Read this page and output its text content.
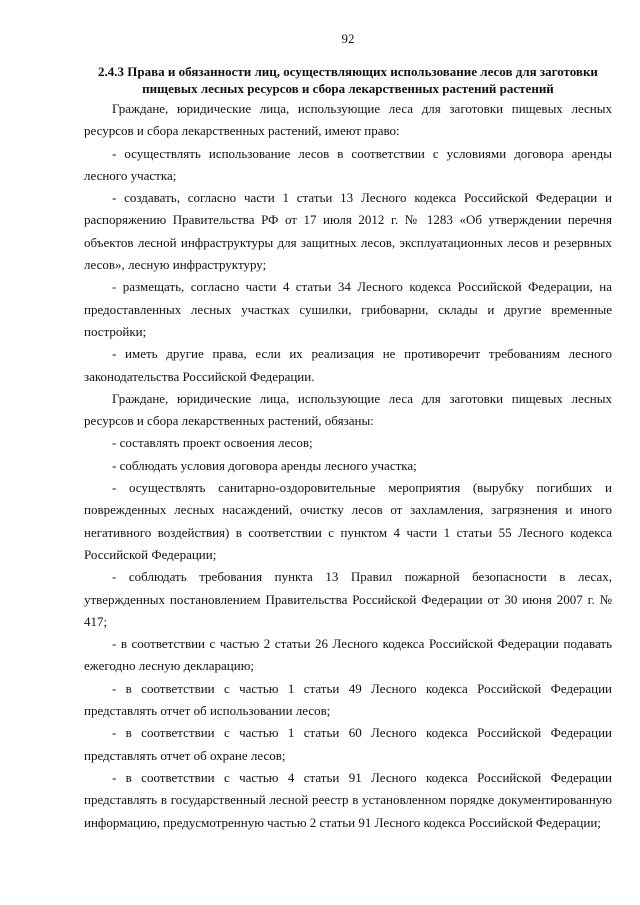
92
2.4.3 Права и обязанности лиц, осуществляющих использование лесов для заготовки
пищевых лесных ресурсов и сбора лекарственных растений растений

Граждане, юридические лица, использующие леса для заготовки пищевых лесных ресурсов и сбора лекарственных растений, имеют право:

- осуществлять использование лесов в соответствии с условиями договора аренды лесного участка;

- создавать, согласно части 1 статьи 13 Лесного кодекса Российской Федерации и распоряжению Правительства РФ от 17 июля 2012 г. № 1283 «Об утверждении перечня объектов лесной инфраструктуры для защитных лесов, эксплуатационных лесов и резервных лесов», лесную инфраструктуру;

- размещать, согласно части 4 статьи 34 Лесного кодекса Российской Федерации, на предоставленных лесных участках сушилки, грибоварни, склады и другие временные постройки;

- иметь другие права, если их реализация не противоречит требованиям лесного законодательства Российской Федерации.

Граждане, юридические лица, использующие леса для заготовки пищевых лесных ресурсов и сбора лекарственных растений, обязаны:

- составлять проект освоения лесов;

- соблюдать условия договора аренды лесного участка;

- осуществлять санитарно-оздоровительные мероприятия (вырубку погибших и поврежденных лесных насаждений, очистку лесов от захламления, загрязнения и иного негативного воздействия) в соответствии с пунктом 4 части 1 статьи 55 Лесного кодекса Российской Федерации;

- соблюдать требования пункта 13 Правил пожарной безопасности в лесах, утвержденных постановлением Правительства Российской Федерации от 30 июня 2007 г. № 417;

- в соответствии с частью 2 статьи 26 Лесного кодекса Российской Федерации подавать ежегодно лесную декларацию;

- в соответствии с частью 1 статьи 49 Лесного кодекса Российской Федерации представлять отчет об использовании лесов;

- в соответствии с частью 1 статьи 60 Лесного кодекса Российской Федерации представлять отчет об охране лесов;

- в соответствии с частью 4 статьи 91 Лесного кодекса Российской Федерации представлять в государственный лесной реестр в установленном порядке документированную информацию, предусмотренную частью 2 статьи 91 Лесного кодекса Российской Федерации;
